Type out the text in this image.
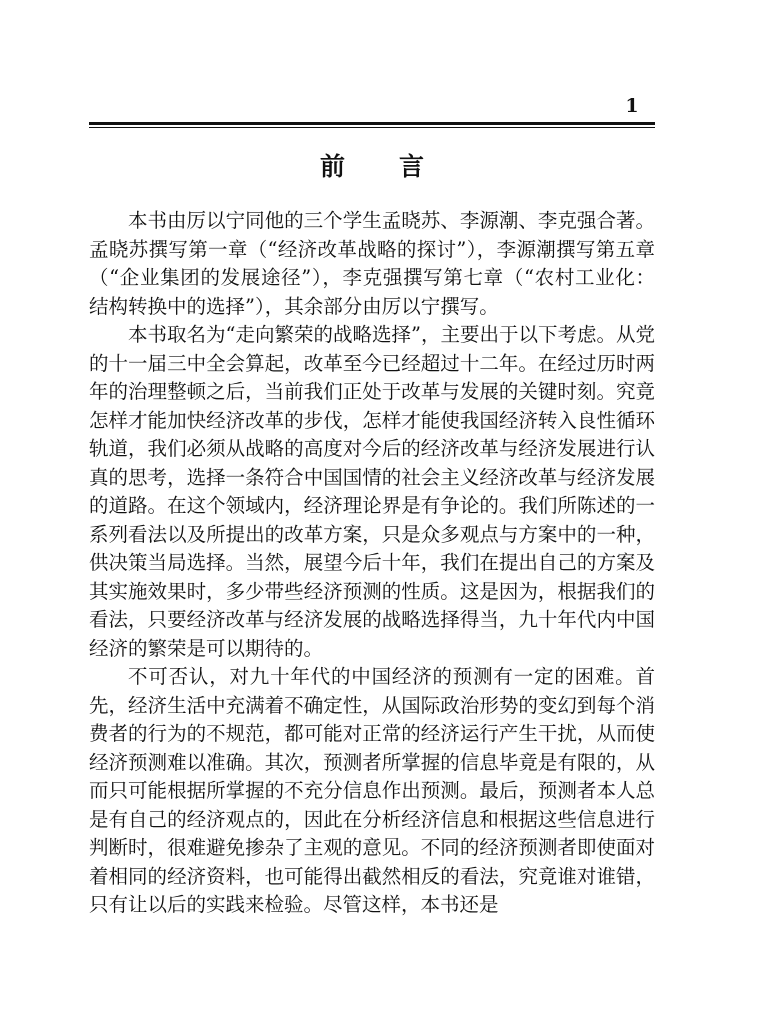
1
前言

本书由厉以宁同他的三个学生孟晓苏、李源潮、李克强合著。孟晓苏撰写第一章（“经济改革战略的探讨”），李源潮撰写第五章（“企业集团的发展途径”），李克强撰写第七章（“农村工业化：结构转换中的选择”），其余部分由厉以宁撰写。

本书取名为“走向繁荣的战略选择”，主要出于以下考虑。从党的十一届三中全会算起，改革至今已经超过十二年。在经过历时两年的治理整顿之后，当前我们正处于改革与发展的关键时刻。究竟怎样才能加快经济改革的步伐，怎样才能使我国经济转入良性循环轨道，我们必须从战略的高度对今后的经济改革与经济发展进行认真的思考，选择一条符合中国国情的社会主义经济改革与经济发展的道路。在这个领域内，经济理论界是有争论的。我们所陈述的一系列看法以及所提出的改革方案，只是众多观点与方案中的一种，供决策当局选择。当然，展望今后十年，我们在提出自己的方案及其实施效果时，多少带些经济预测的性质。这是因为，根据我们的看法，只要经济改革与经济发展的战略选择得当，九十年代内中国经济的繁荣是可以期待的。

不可否认，对九十年代的中国经济的预测有一定的困难。首先，经济生活中充满着不确定性，从国际政治形势的变幻到每个消费者的行为的不规范，都可能对正常的经济运行产生干扰，从而使经济预测难以准确。其次，预测者所掌握的信息毕竟是有限的，从而只可能根据所掌握的不充分信息作出预测。最后，预测者本人总是有自己的经济观点的，因此在分析经济信息和根据这些信息进行判断时，很难避免掺杂了主观的意见。不同的经济预测者即使面对着相同的经济资料，也可能得出截然相反的看法，究竟谁对谁错，只有让以后的实践来检验。尽管这样，本书还是
